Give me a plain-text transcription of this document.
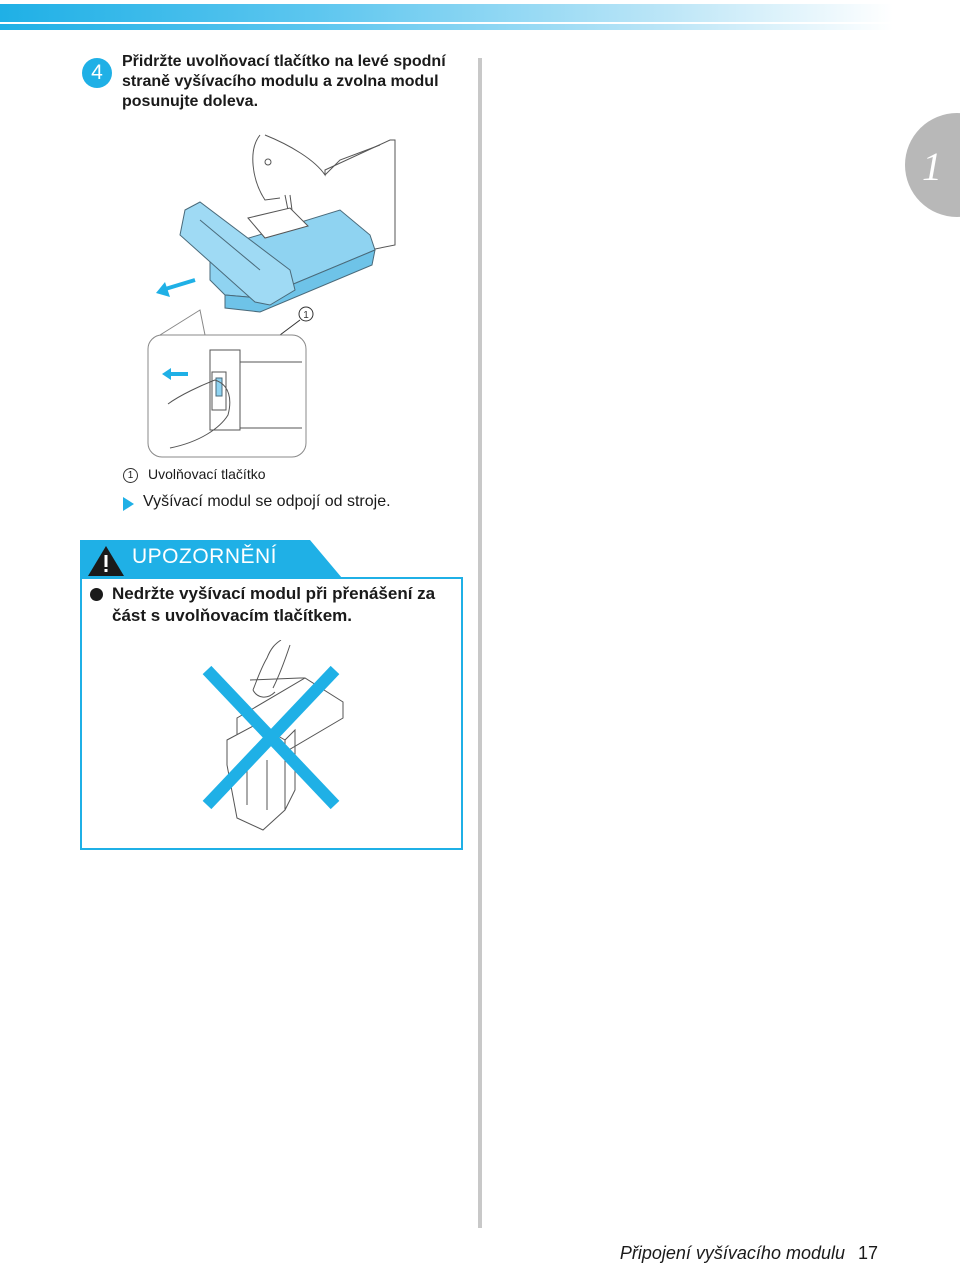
1
4	Přidržte uvolňovací tlačítko na levé spodní straně vyšívacího modulu a zvolna modul posunujte doleva.
1
1	Uvolňovací tlačítko
Vyšívací modul se odpojí od stroje.
UPOZORNĚNÍ
Nedržte vyšívací modul při přenášení za část s uvolňovacím tlačítkem.
Připojení vyšívacího modulu 17
